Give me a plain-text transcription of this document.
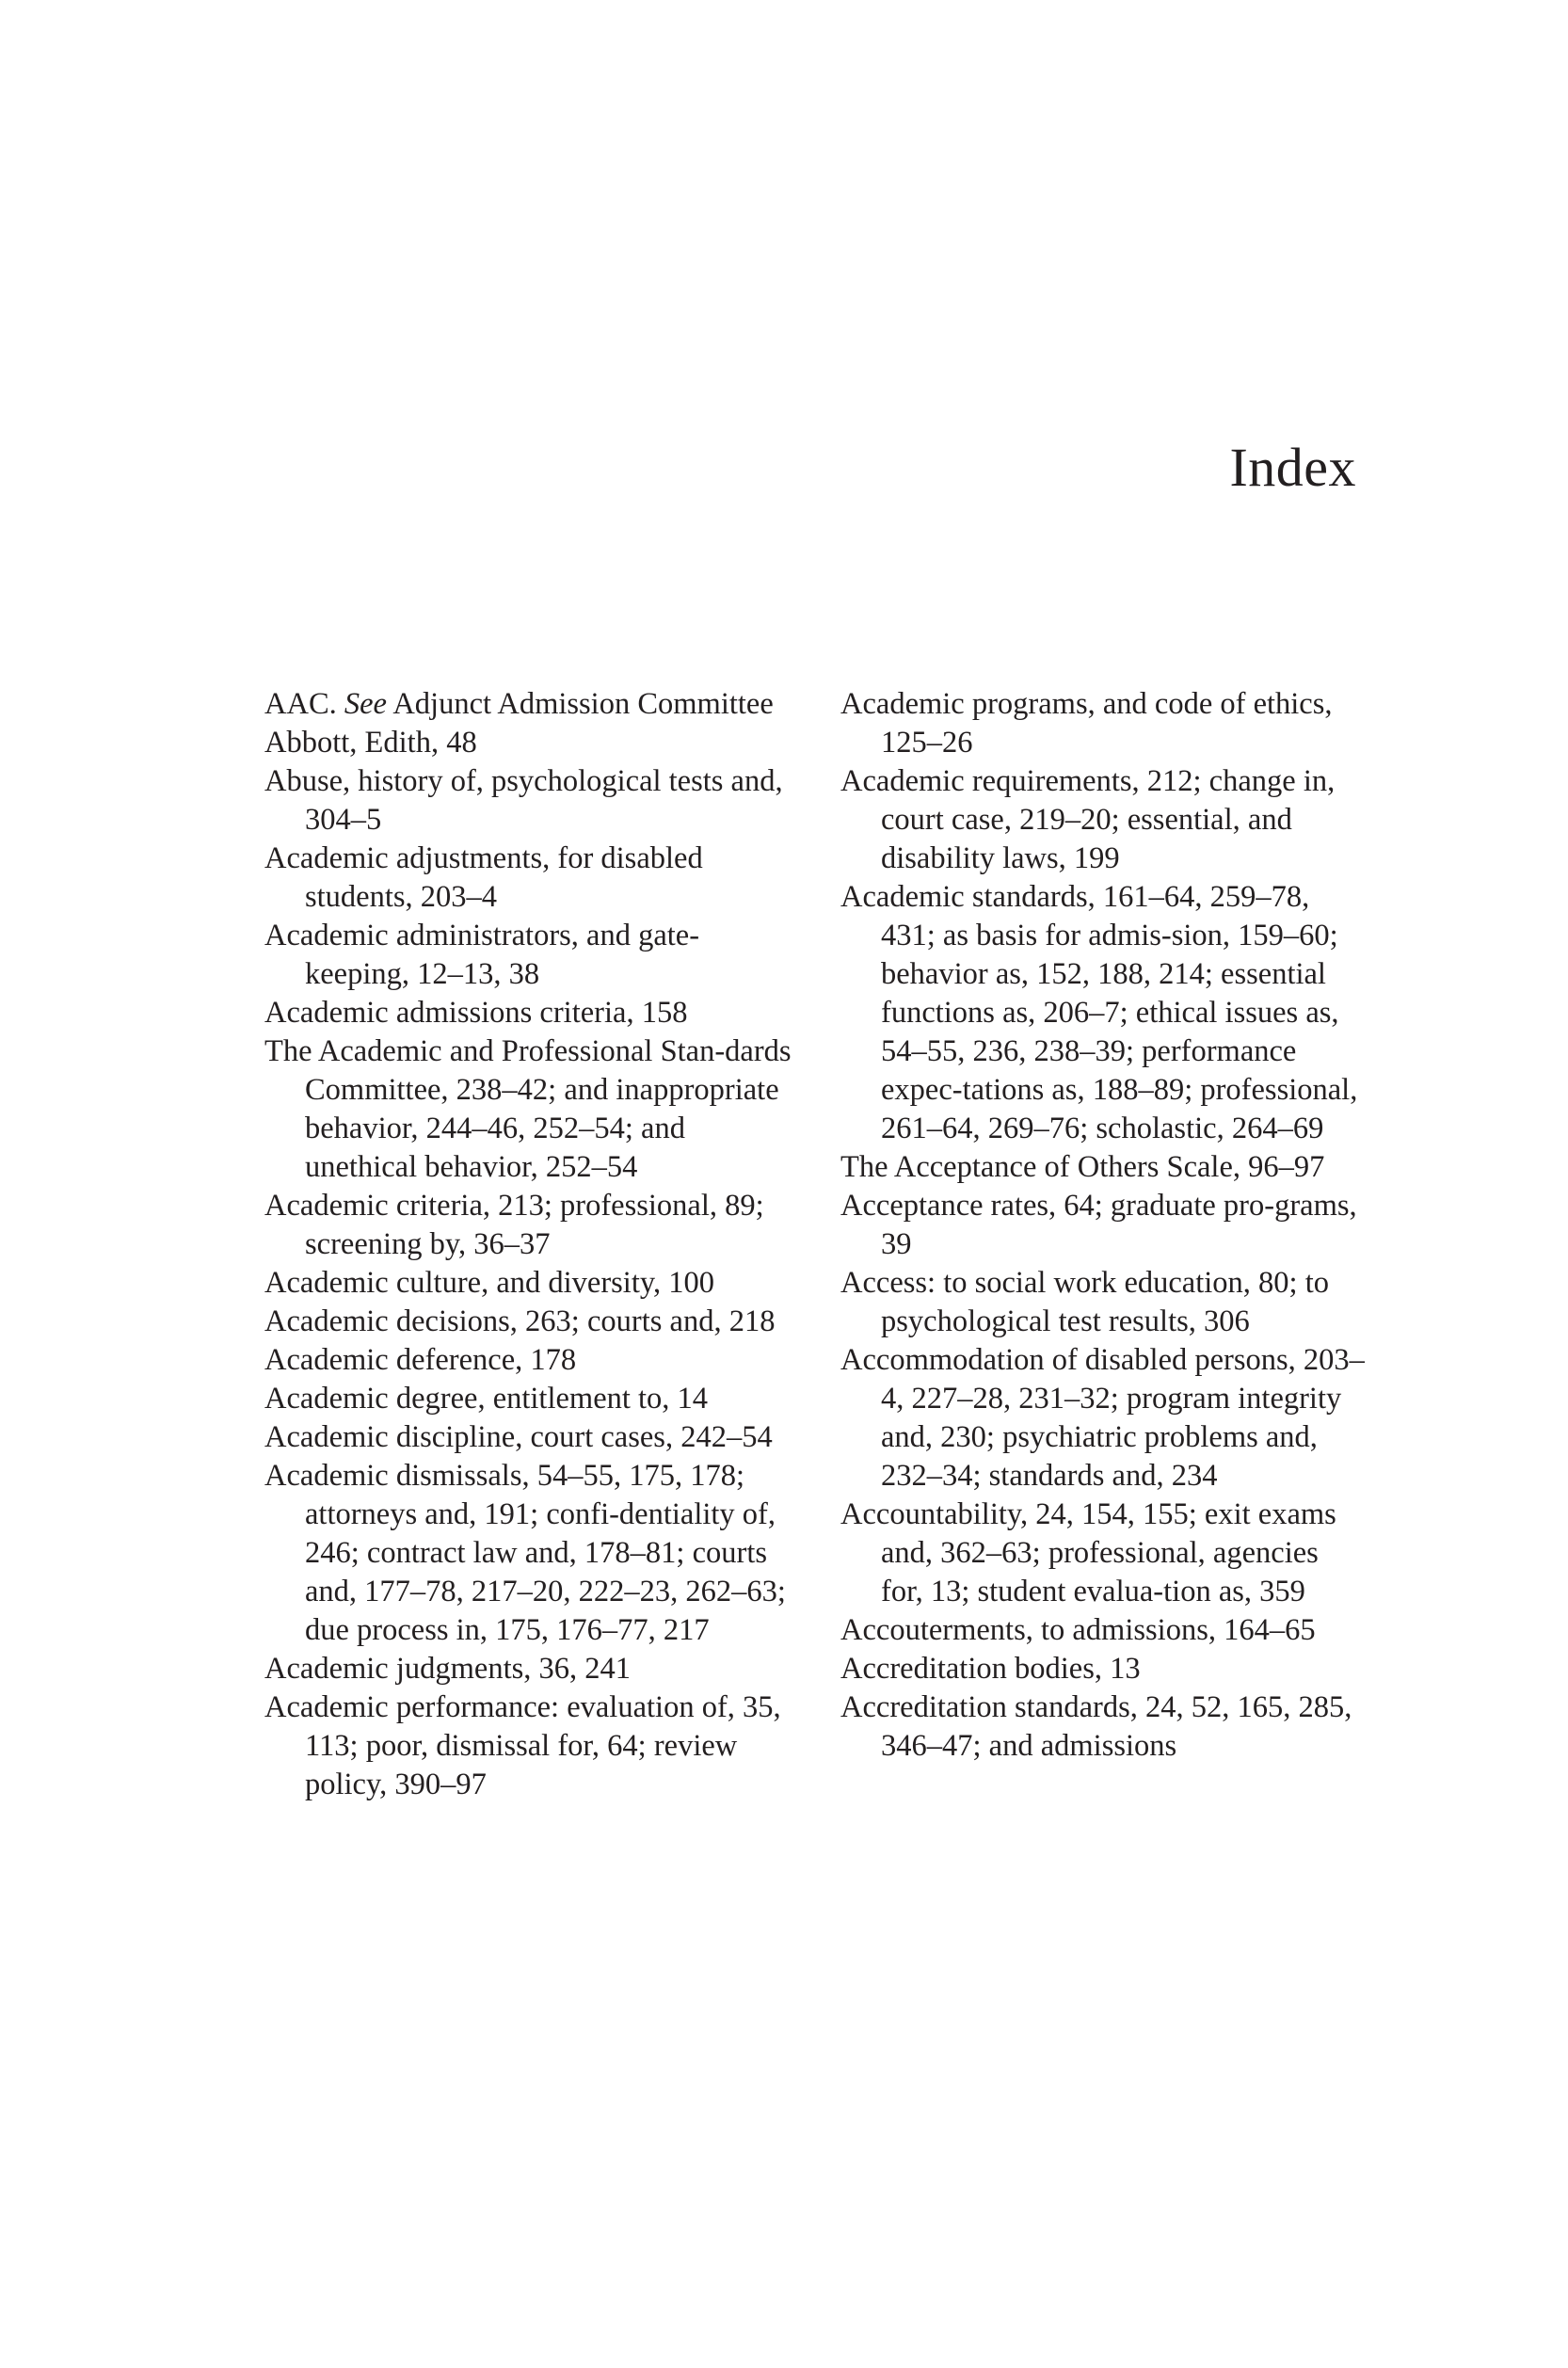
Index

AAC. See Adjunct Admission Committee

Abbott, Edith, 48

Abuse, history of, psychological tests and, 304–5

Academic adjustments, for disabled students, 203–4

Academic administrators, and gate-keeping, 12–13, 38

Academic admissions criteria, 158

The Academic and Professional Stan-dards Committee, 238–42; and inappropriate behavior, 244–46, 252–54; and unethical behavior, 252–54

Academic criteria, 213; professional, 89; screening by, 36–37

Academic culture, and diversity, 100

Academic decisions, 263; courts and, 218

Academic deference, 178

Academic degree, entitlement to, 14

Academic discipline, court cases, 242–54

Academic dismissals, 54–55, 175, 178; attorneys and, 191; confi-dentiality of, 246; contract law and, 178–81; courts and, 177–78, 217–20, 222–23, 262–63; due process in, 175, 176–77, 217

Academic judgments, 36, 241

Academic performance: evaluation of, 35, 113; poor, dismissal for, 64; review policy, 390–97

Academic programs, and code of ethics, 125–26

Academic requirements, 212; change in, court case, 219–20; essential, and disability laws, 199

Academic standards, 161–64, 259–78, 431; as basis for admis-sion, 159–60; behavior as, 152, 188, 214; essential functions as, 206–7; ethical issues as, 54–55, 236, 238–39; performance expec-tations as, 188–89; professional, 261–64, 269–76; scholastic, 264–69

The Acceptance of Others Scale, 96–97

Acceptance rates, 64; graduate pro-grams, 39

Access: to social work education, 80; to psychological test results, 306

Accommodation of disabled persons, 203–4, 227–28, 231–32; program integrity and, 230; psychiatric problems and, 232–34; standards and, 234

Accountability, 24, 154, 155; exit exams and, 362–63; professional, agencies for, 13; student evalua-tion as, 359

Accouterments, to admissions, 164–65

Accreditation bodies, 13

Accreditation standards, 24, 52, 165, 285, 346–47; and admissions
